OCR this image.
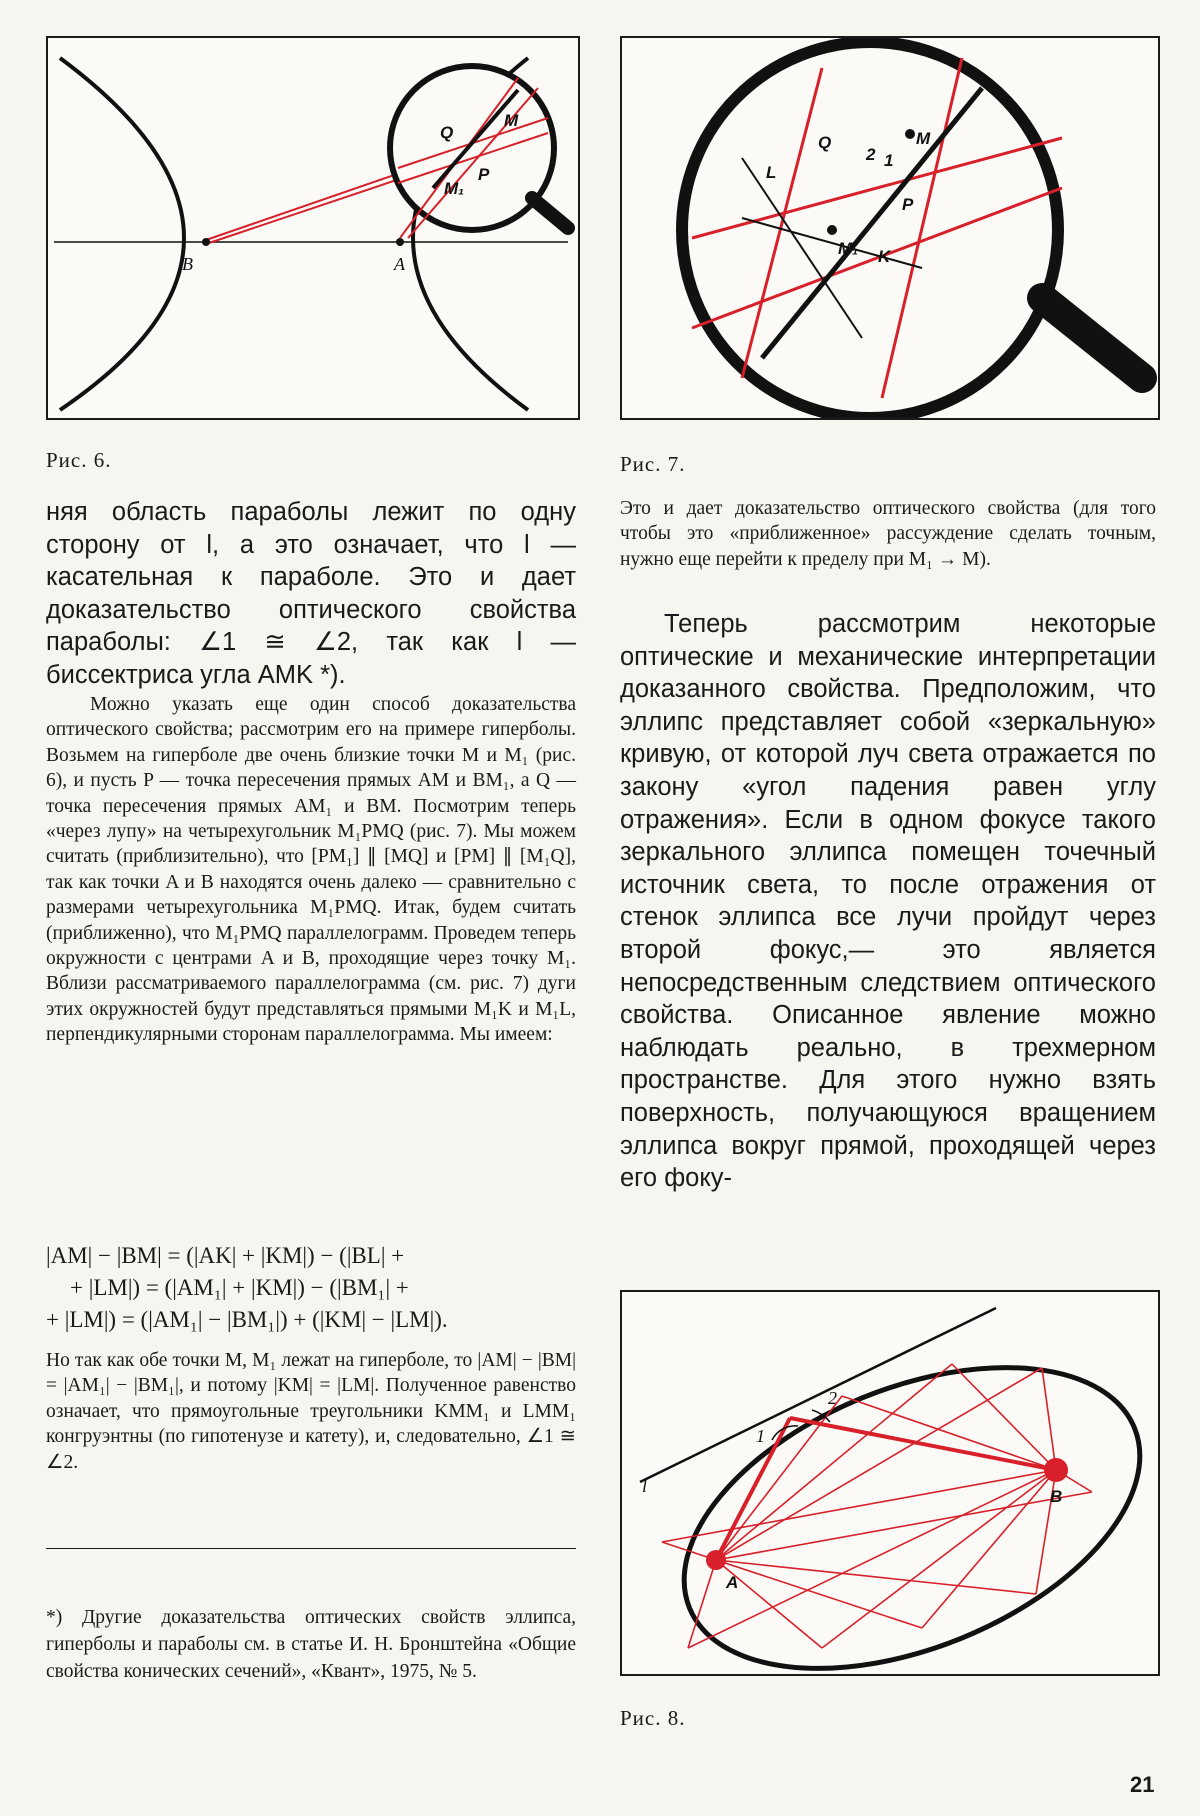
B	A
Q
M
P
M₁
Рис. 6.
Q	M
L
P
M₁ K
1
2
Рис. 7.

няя область параболы лежит по одну сторону от l, а это означает, что l — касательная к параболе. Это и дает доказательство оптического свойства параболы: ∠1 ≅ ∠2, так как l — биссектриса угла AMK *).

Можно указать еще один способ доказательства оптического свойства; рассмотрим его на примере гиперболы. Возьмем на гиперболе две очень близкие точки M и M₁ (рис. 6), и пусть P — точка пересечения прямых AM и BM₁, а Q — точка пересечения прямых AM₁ и BM. Посмотрим теперь «через лупу» на четырехугольник M₁PMQ (рис. 7). Мы можем считать (приблизительно), что [PM₁] ∥ [MQ] и [PM] ∥ [M₁Q], так как точки A и B находятся очень далеко — сравнительно с размерами четырехугольника M₁PMQ. Итак, будем считать (приближенно), что M₁PMQ параллелограмм. Проведем теперь окружности с центрами A и B, проходящие через точку M₁. Вблизи рассматриваемого параллелограмма (см. рис. 7) дуги этих окружностей будут представляться прямыми M₁K и M₁L, перпендикулярными сторонам параллелограмма. Мы имеем:

|AM| − |BM| = (|AK| + |KM|) − (|BL| +
+ |LM|) = (|AM₁| + |KM|) − (|BM₁| +
+ |LM|) = (|AM₁| − |BM₁|) + (|KM| − |LM|).

Но так как обе точки M, M₁ лежат на гиперболе, то |AM| − |BM| = |AM₁| − |BM₁|, и потому |KM| = |LM|. Полученное равенство означает, что прямоугольные треугольники KMM₁ и LMM₁ конгруэнтны (по гипотенузе и катету), и, следовательно, ∠1 ≅ ∠2.

*) Другие доказательства оптических свойств эллипса, гиперболы и параболы см. в статье И. Н. Бронштейна «Общие свойства конических сечений», «Квант», 1975, № 5.

Это и дает доказательство оптического свойства (для того чтобы это «приближенное» рассуждение сделать точным, нужно еще перейти к пределу при M₁ → M).

Теперь рассмотрим некоторые оптические и механические интерпретации доказанного свойства. Предположим, что эллипс представляет собой «зеркальную» кривую, от которой луч света отражается по закону «угол падения равен углу отражения». Если в одном фокусе такого зеркального эллипса помещен точечный источник света, то после отражения от стенок эллипса все лучи пройдут через второй фокус,— это является непосредственным следствием оптического свойства. Описанное явление можно наблюдать реально, в трехмерном пространстве. Для этого нужно взять поверхность, получающуюся вращением эллипса вокруг прямой, проходящей через его фоку-

l
A
B
1
2
Рис. 8.
21
